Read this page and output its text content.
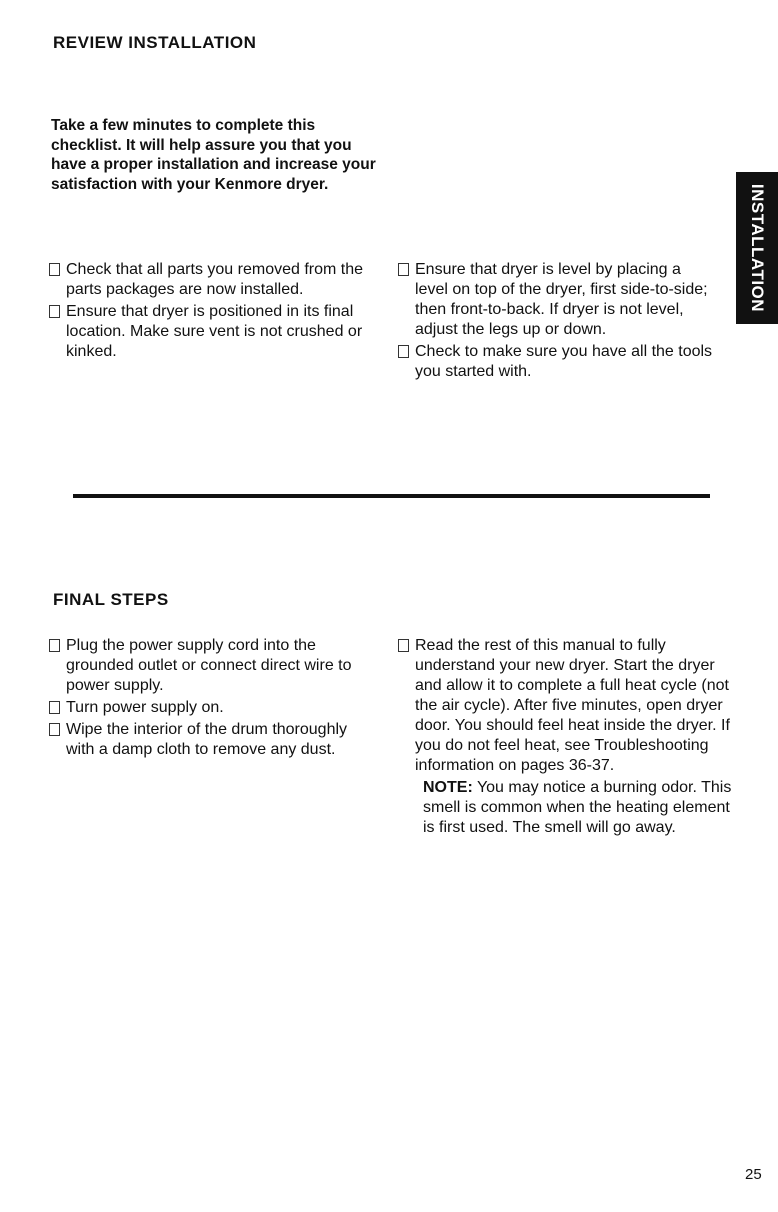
REVIEW INSTALLATION
Take a few minutes to complete this checklist. It will help assure you that you have a proper installation and increase your satisfaction with your Kenmore dryer.
Check that all parts you removed from the parts packages are now installed.
Ensure that dryer is positioned in its final location. Make sure vent is not crushed or kinked.
Ensure that dryer is level by placing a level on top of the dryer, first side-to-side; then front-to-back. If dryer is not level, adjust the legs up or down.
Check to make sure you have all the tools you started with.
INSTALLATION
FINAL STEPS
Plug the power supply cord into the grounded outlet or connect direct wire to power supply.
Turn power supply on.
Wipe the interior of the drum thoroughly with a damp cloth to remove any dust.
Read the rest of this manual to fully understand your new dryer. Start the dryer and allow it to complete a full heat cycle (not the air cycle). After five minutes, open dryer door. You should feel heat inside the dryer. If you do not feel heat, see Troubleshooting information on pages 36-37.
NOTE: You may notice a burning odor. This smell is common when the heating element is first used. The smell will go away.
25
